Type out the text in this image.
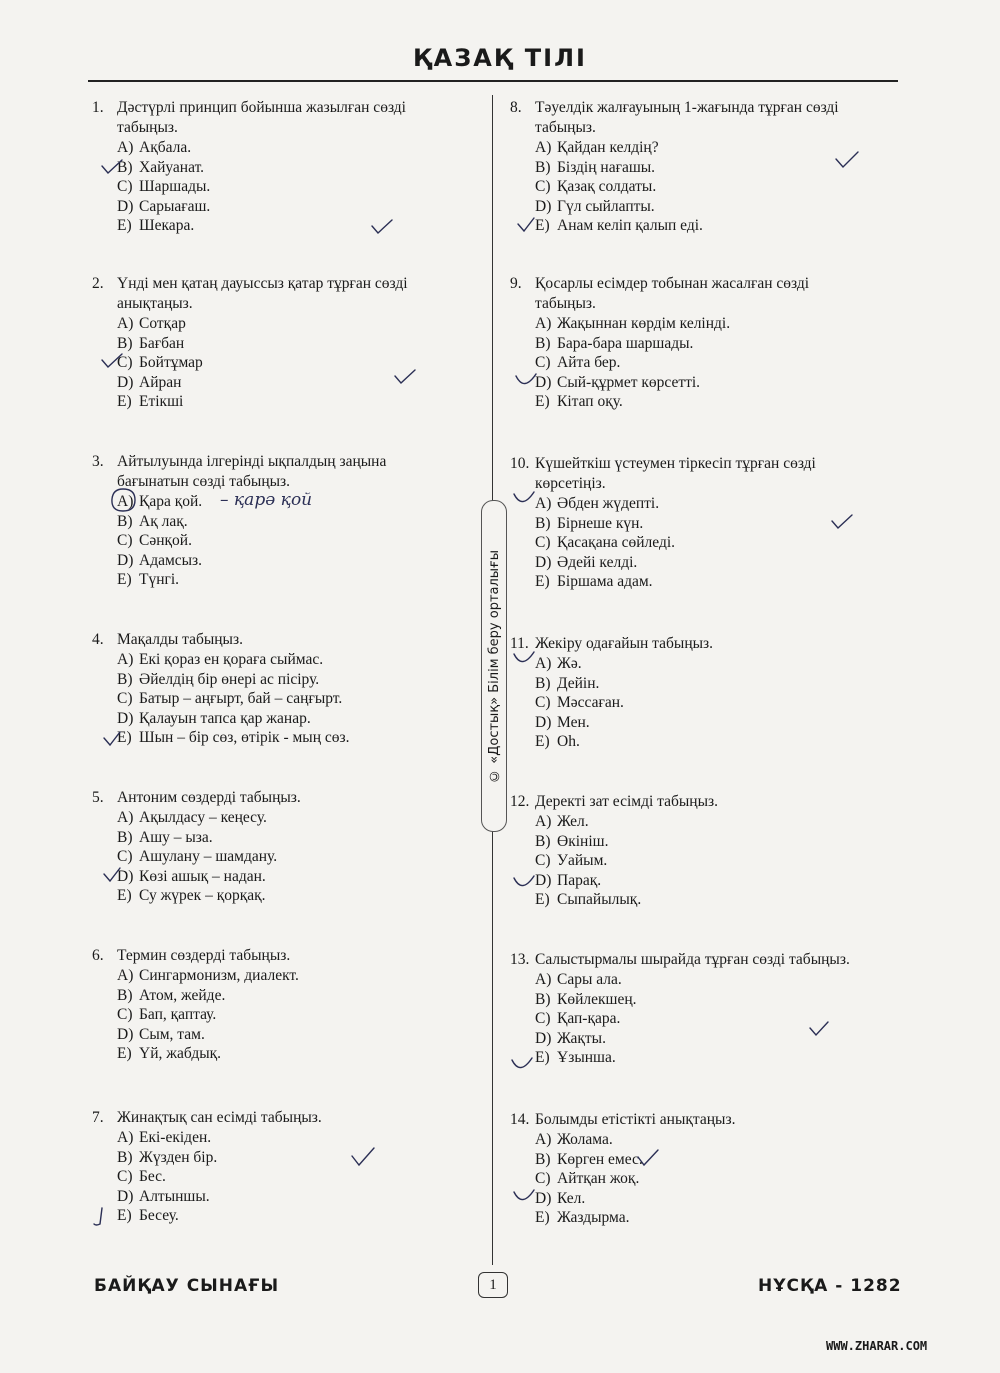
ҚАЗАҚ ТІЛІ
1. Дәстүрлі принцип бойынша жазылған сөзді
табыңыз.
A) Ақбала.
B) Хайуанат.
C) Шаршады.
D) Сарыағаш.
E) Шекара.
2. Үнді мен қатаң дауыссыз қатар тұрған сөзді
анықтаңыз.
A) Сотқар
B) Бағбан
C) Бойтұмар
D) Айран
E) Етікші
3. Айтылуында ілгерінді ықпалдың заңына
бағынатын сөзді табыңыз.
A) Қара қой.
B) Ақ лақ.
C) Сәнқой.
D) Адамсыз.
E) Түнгі.
4. Мақалды табыңыз.
A) Екі қораз ен қораға сыймас.
B) Әйелдің бір өнері ас пісіру.
C) Батыр – аңғырт, бай – саңғырт.
D) Қалауын тапса қар жанар.
E) Шын – бір сөз, өтірік - мың сөз.
5. Антоним сөздерді табыңыз.
A) Ақылдасу – кеңесу.
B) Ашу – ыза.
C) Ашулану – шамдану.
D) Көзі ашық – надан.
E) Су жүрек – қорқақ.
6. Термин сөздерді табыңыз.
A) Сингармонизм, диалект.
B) Атом, жейде.
C) Бап, қаптау.
D) Сым, там.
E) Үй, жабдық.
7. Жинақтық сан есімді табыңыз.
A) Екі-екіден.
B) Жүзден бір.
C) Бес.
D) Алтыншы.
E) Бесеу.
© «Достық» Білім беру орталығы
8. Тәуелдік жалғауының 1-жағында тұрған сөзді
табыңыз.
A) Қайдан келдің?
B) Біздің нағашы.
C) Қазақ солдаты.
D) Гүл сыйлапты.
E) Анам келіп қалып еді.
9. Қосарлы есімдер тобынан жасалған сөзді
табыңыз.
A) Жақыннан көрдім келінді.
B) Бара-бара шаршады.
C) Айта бер.
D) Сый-құрмет көрсетті.
E) Кітап оқу.
10. Күшейткіш үстеумен тіркесіп тұрған сөзді
көрсетіңіз.
A) Әбден жүдепті.
B) Бірнеше күн.
C) Қасақана сөйледі.
D) Әдейі келді.
E) Біршама адам.
11. Жекіру одағайын табыңыз.
A) Жә.
B) Дейін.
C) Мәссаған.
D) Мен.
E) Оһ.
12. Деректі зат есімді табыңыз.
A) Жел.
B) Өкініш.
C) Уайым.
D) Парақ.
E) Сыпайылық.
13. Салыстырмалы шырайда тұрған сөзді табыңыз.
A) Сары ала.
B) Көйлекшең.
C) Қап-қара.
D) Жақты.
E) Ұзынша.
14. Болымды етістікті анықтаңыз.
A) Жолама.
B) Көрген емес.
C) Айтқан жоқ.
D) Кел.
E) Жаздырма.
– қарə қой
БАЙҚАУ СЫНАҒЫ	1	НҰСҚА - 1282
WWW.ZHARAR.COM
